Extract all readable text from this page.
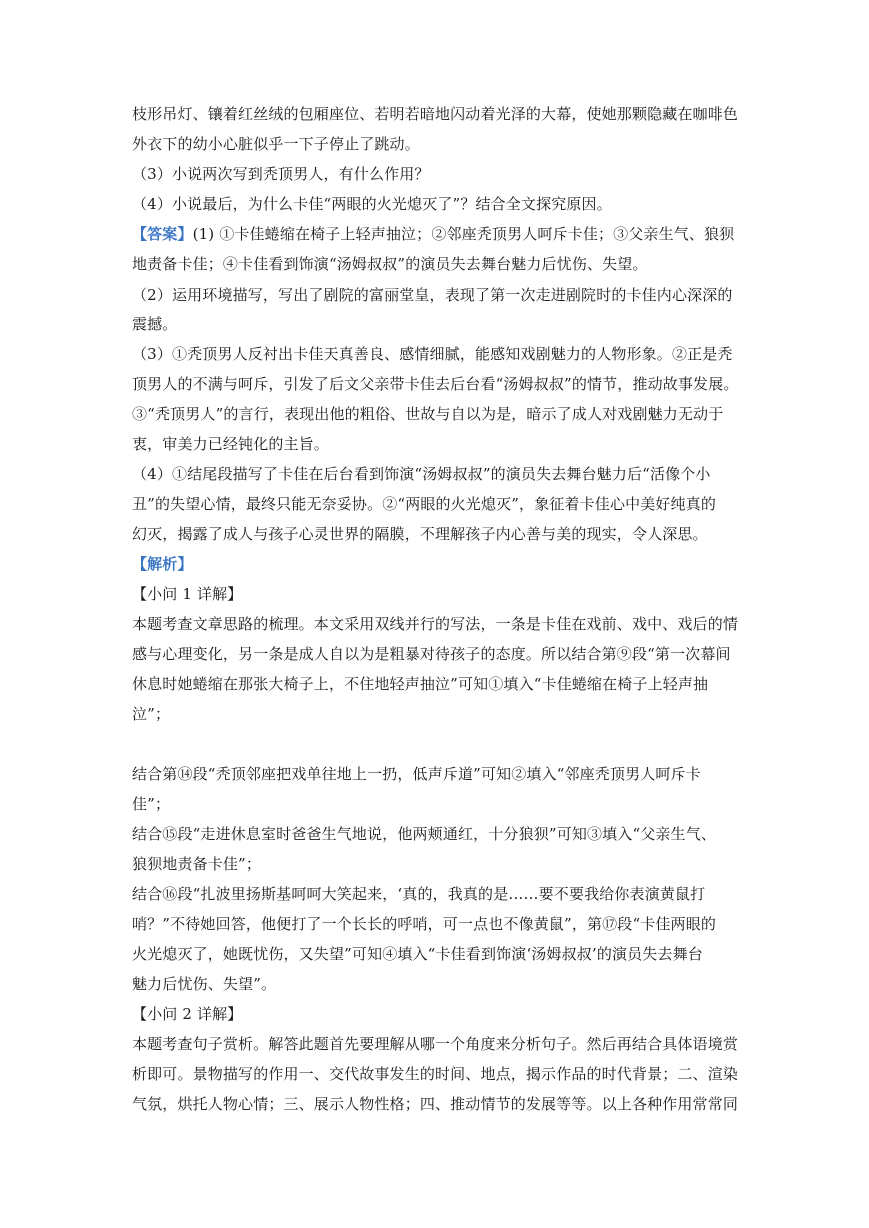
枝形吊灯、镶着红丝绒的包厢座位、若明若暗地闪动着光泽的大幕，使她那颗隐藏在咖啡色
外衣下的幼小心脏似乎一下子停止了跳动。
（3）小说两次写到秃顶男人，有什么作用？
（4）小说最后，为什么卡佳“两眼的火光熄灭了”？结合全文探究原因。
【答案】(1) ①卡佳蜷缩在椅子上轻声抽泣；②邻座秃顶男人呵斥卡佳；③父亲生气、狼狈
地责备卡佳；④卡佳看到饰演“汤姆叔叔”的演员失去舞台魅力后忧伤、失望。
（2）运用环境描写，写出了剧院的富丽堂皇，表现了第一次走进剧院时的卡佳内心深深的
震撼。
（3）①秃顶男人反衬出卡佳天真善良、感情细腻，能感知戏剧魅力的人物形象。②正是秃
顶男人的不满与呵斥，引发了后文父亲带卡佳去后台看“汤姆叔叔”的情节，推动故事发展。
③“秃顶男人”的言行，表现出他的粗俗、世故与自以为是，暗示了成人对戏剧魅力无动于
衷，审美力已经钝化的主旨。
（4）①结尾段描写了卡佳在后台看到饰演“汤姆叔叔”的演员失去舞台魅力后“活像个小
丑”的失望心情，最终只能无奈妥协。②“两眼的火光熄灭”，象征着卡佳心中美好纯真的
幻灭，揭露了成人与孩子心灵世界的隔膜，不理解孩子内心善与美的现实，令人深思。
【解析】
【小问 1 详解】
本题考查文章思路的梳理。本文采用双线并行的写法，一条是卡佳在戏前、戏中、戏后的情
感与心理变化，另一条是成人自以为是粗暴对待孩子的态度。所以结合第⑨段“第一次幕间
休息时她蜷缩在那张大椅子上，不住地轻声抽泣”可知①填入“卡佳蜷缩在椅子上轻声抽
泣”；
结合第⑭段“秃顶邻座把戏单往地上一扔，低声斥道”可知②填入“邻座秃顶男人呵斥卡
佳”；
结合⑮段“走进休息室时爸爸生气地说，他两颊通红，十分狼狈”可知③填入“父亲生气、
狼狈地责备卡佳”；
结合⑯段“扎波里扬斯基呵呵大笑起来，‘真的，我真的是……要不要我给你表演黄鼠打
哨？”不待她回答，他便打了一个长长的呼哨，可一点也不像黄鼠”，第⑰段“卡佳两眼的
火光熄灭了，她既忧伤，又失望”可知④填入“卡佳看到饰演‘汤姆叔叔’的演员失去舞台
魅力后忧伤、失望”。
【小问 2 详解】
本题考查句子赏析。解答此题首先要理解从哪一个角度来分析句子。然后再结合具体语境赏
析即可。景物描写的作用一、交代故事发生的时间、地点，揭示作品的时代背景；二、渲染
气氛，烘托人物心情；三、展示人物性格；四、推动情节的发展等等。以上各种作用常常同
